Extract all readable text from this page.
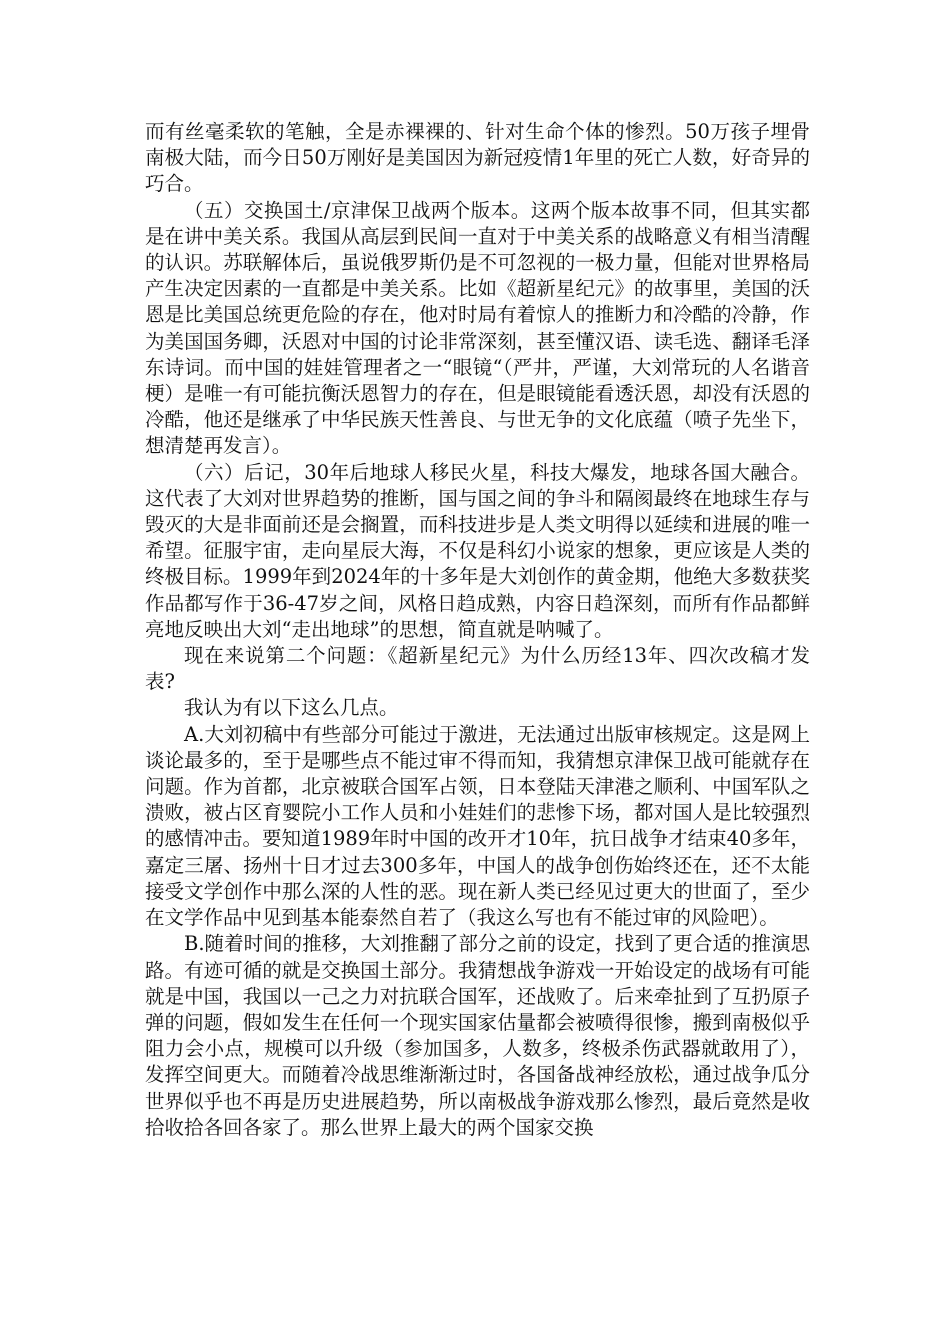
而有丝毫柔软的笔触，全是赤裸裸的、针对生命个体的惨烈。50万孩子埋骨南极大陆，而今日50万刚好是美国因为新冠疫情1年里的死亡人数，好奇异的巧合。

（五）交换国土/京津保卫战两个版本。这两个版本故事不同，但其实都是在讲中美关系。我国从高层到民间一直对于中美关系的战略意义有相当清醒的认识。苏联解体后，虽说俄罗斯仍是不可忽视的一极力量，但能对世界格局产生决定因素的一直都是中美关系。比如《超新星纪元》的故事里，美国的沃恩是比美国总统更危险的存在，他对时局有着惊人的推断力和冷酷的冷静，作为美国国务卿，沃恩对中国的讨论非常深刻，甚至懂汉语、读毛选、翻译毛泽东诗词。而中国的娃娃管理者之一“眼镜“（严井，严谨，大刘常玩的人名谐音梗）是唯一有可能抗衡沃恩智力的存在，但是眼镜能看透沃恩，却没有沃恩的冷酷，他还是继承了中华民族天性善良、与世无争的文化底蕴（喷子先坐下，想清楚再发言）。

（六）后记，30年后地球人移民火星，科技大爆发，地球各国大融合。这代表了大刘对世界趋势的推断，国与国之间的争斗和隔阂最终在地球生存与毁灭的大是非面前还是会搁置，而科技进步是人类文明得以延续和进展的唯一希望。征服宇宙，走向星辰大海，不仅是科幻小说家的想象，更应该是人类的终极目标。1999年到2024年的十多年是大刘创作的黄金期，他绝大多数获奖作品都写作于36-47岁之间，风格日趋成熟，内容日趋深刻，而所有作品都鲜亮地反映出大刘“走出地球”的思想，简直就是呐喊了。

现在来说第二个问题：《超新星纪元》为什么历经13年、四次改稿才发表?

我认为有以下这么几点。

A.大刘初稿中有些部分可能过于激进，无法通过出版审核规定。这是网上谈论最多的，至于是哪些点不能过审不得而知，我猜想京津保卫战可能就存在问题。作为首都，北京被联合国军占领，日本登陆天津港之顺利、中国军队之溃败，被占区育婴院小工作人员和小娃娃们的悲惨下场，都对国人是比较强烈的感情冲击。要知道1989年时中国的改开才10年，抗日战争才结束40多年，嘉定三屠、扬州十日才过去300多年，中国人的战争创伤始终还在，还不太能接受文学创作中那么深的人性的恶。现在新人类已经见过更大的世面了，至少在文学作品中见到基本能泰然自若了（我这么写也有不能过审的风险吧）。

B.随着时间的推移，大刘推翻了部分之前的设定，找到了更合适的推演思路。有迹可循的就是交换国土部分。我猜想战争游戏一开始设定的战场有可能就是中国，我国以一己之力对抗联合国军，还战败了。后来牵扯到了互扔原子弹的问题，假如发生在任何一个现实国家估量都会被喷得很惨，搬到南极似乎阻力会小点，规模可以升级（参加国多，人数多，终极杀伤武器就敢用了），发挥空间更大。而随着冷战思维渐渐过时，各国备战神经放松，通过战争瓜分世界似乎也不再是历史进展趋势，所以南极战争游戏那么惨烈，最后竟然是收拾收拾各回各家了。那么世界上最大的两个国家交换
